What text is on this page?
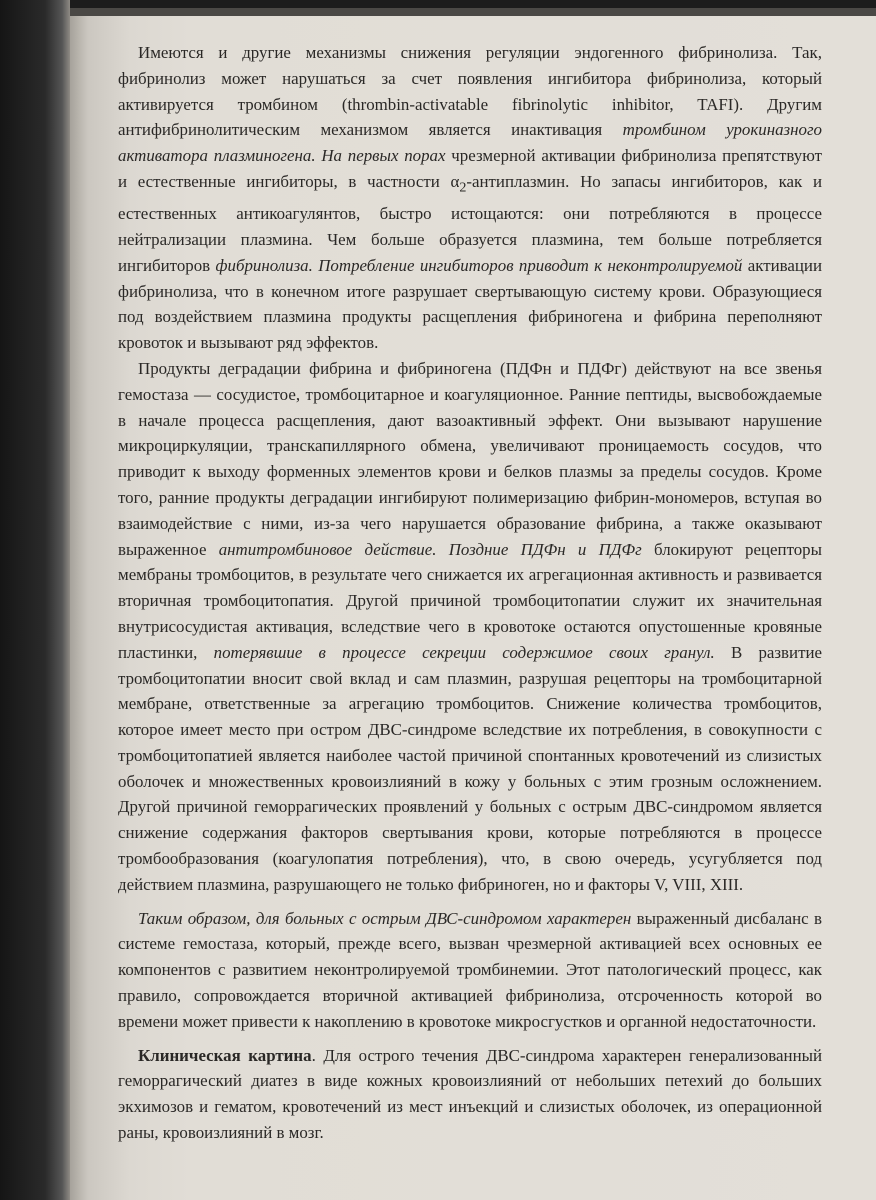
Имеются и другие механизмы снижения регуляции эндогенного фибринолиза. Так, фибринолиз может нарушаться за счет появления ингибитора фибринолиза, который активируется тромбином (thrombin-activatable fibrinolytic inhibitor, TAFI). Другим антифибринолитическим механизмом является инактивация тромбином урокиназного активатора плазминогена. На первых порах чрезмерной активации фибринолиза препятствуют и естественные ингибиторы, в частности $\alpha_2$-антиплазмин. Но запасы ингибиторов, как и естественных антикоагулянтов, быстро истощаются: они потребляются в процессе нейтрализации плазмина. Чем больше образуется плазмина, тем больше потребляется ингибиторов фибринолиза. Потребление ингибиторов приводит к неконтролируемой активации фибринолиза, что в конечном итоге разрушает свертывающую систему крови. Образующиеся под воздействием плазмина продукты расщепления фибриногена и фибрина переполняют кровоток и вызывают ряд эффектов.

Продукты деградации фибрина и фибриногена (ПДФн и ПДФг) действуют на все звенья гемостаза — сосудистое, тромбоцитарное и коагуляционное. Ранние пептиды, высвобождаемые в начале процесса расщепления, дают вазоактивный эффект. Они вызывают нарушение микроциркуляции, транскапиллярного обмена, увеличивают проницаемость сосудов, что приводит к выходу форменных элементов крови и белков плазмы за пределы сосудов. Кроме того, ранние продукты деградации ингибируют полимеризацию фибрин-мономеров, вступая во взаимодействие с ними, из-за чего нарушается образование фибрина, а также оказывают выраженное антитромбиновое действие. Поздние ПДФн и ПДФг блокируют рецепторы мембраны тромбоцитов, в результате чего снижается их агрегационная активность и развивается вторичная тромбоцитопатия. Другой причиной тромбоцитопатии служит их значительная внутрисосудистая активация, вследствие чего в кровотоке остаются опустошенные кровяные пластинки, потерявшие в процессе секреции содержимое своих гранул. В развитие тромбоцитопатии вносит свой вклад и сам плазмин, разрушая рецепторы на тромбоцитарной мембране, ответственные за агрегацию тромбоцитов. Снижение количества тромбоцитов, которое имеет место при остром ДВС-синдроме вследствие их потребления, в совокупности с тромбоцитопатией является наиболее частой причиной спонтанных кровотечений из слизистых оболочек и множественных кровоизлияний в кожу у больных с этим грозным осложнением. Другой причиной геморрагических проявлений у больных с острым ДВС-синдромом является снижение содержания факторов свертывания крови, которые потребляются в процессе тромбообразования (коагулопатия потребления), что, в свою очередь, усугубляется под действием плазмина, разрушающего не только фибриноген, но и факторы V, VIII, XIII.

Таким образом, для больных с острым ДВС-синдромом характерен выраженный дисбаланс в системе гемостаза, который, прежде всего, вызван чрезмерной активацией всех основных ее компонентов с развитием неконтролируемой тромбинемии. Этот патологический процесс, как правило, сопровождается вторичной активацией фибринолиза, отсроченность которой во времени может привести к накоплению в кровотоке микросгустков и органной недостаточности.

Клиническая картина. Для острого течения ДВС-синдрома характерен генерализованный геморрагический диатез в виде кожных кровоизлияний от небольших петехий до больших экхимозов и гематом, кровотечений из мест инъекций и слизистых оболочек, из операционной раны, кровоизлияний в мозг.
